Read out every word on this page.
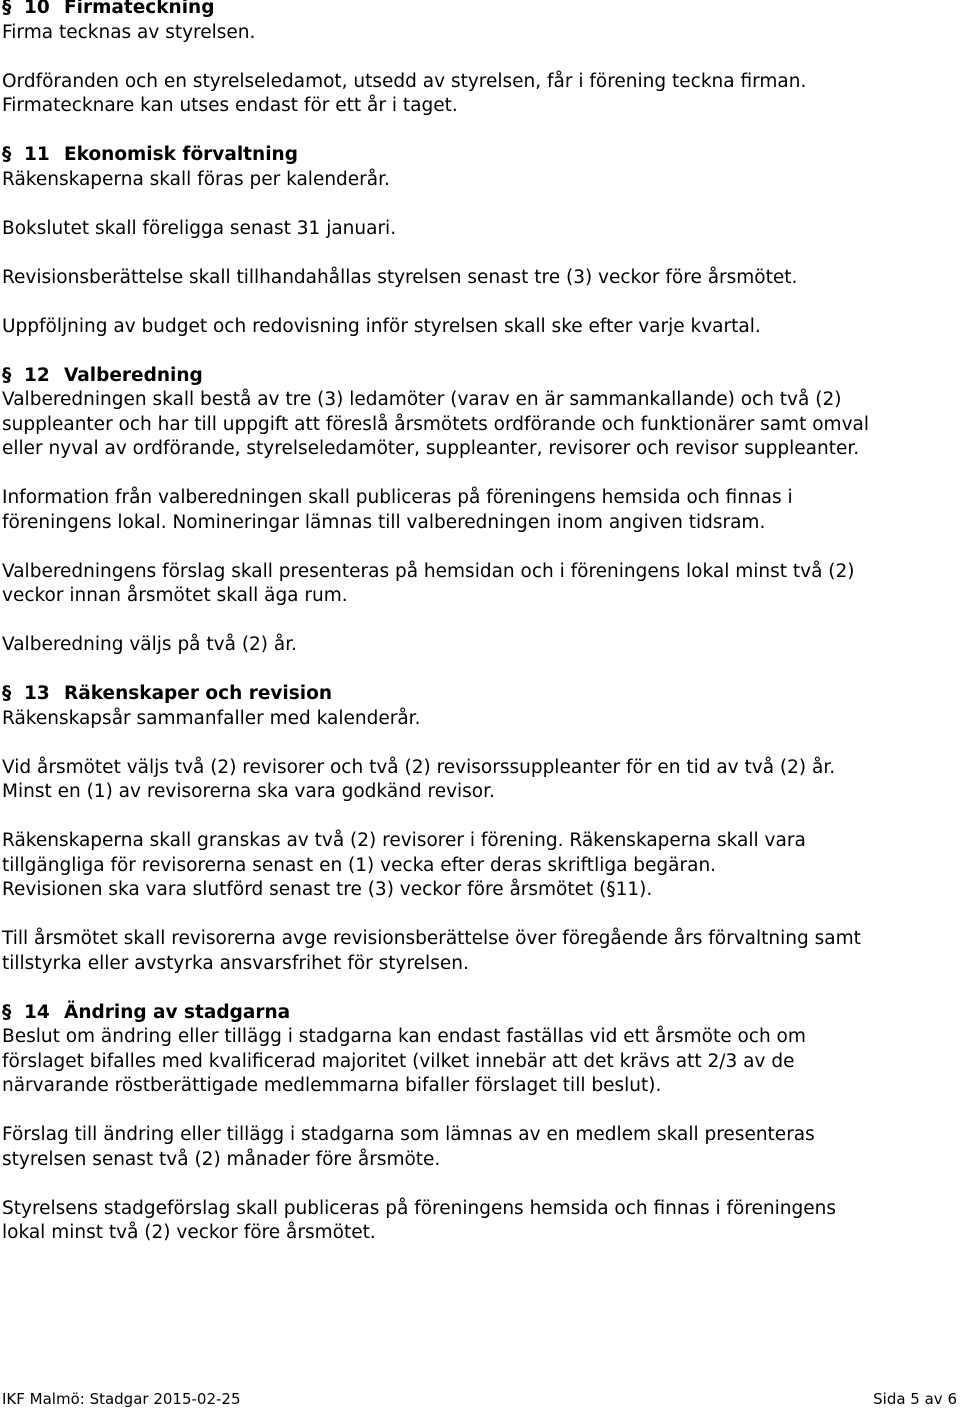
§ 10 Firmateckning

Firma tecknas av styrelsen.

Ordföranden och en styrelseledamot, utsedd av styrelsen, får i förening teckna firman.
Firmatecknare kan utses endast för ett år i taget.

§ 11 Ekonomisk förvaltning

Räkenskaperna skall föras per kalenderår.

Bokslutet skall föreligga senast 31 januari.

Revisionsberättelse skall tillhandahållas styrelsen senast tre (3) veckor före årsmötet.

Uppföljning av budget och redovisning inför styrelsen skall ske efter varje kvartal.

§ 12 Valberedning

Valberedningen skall bestå av tre (3) ledamöter (varav en är sammankallande) och två (2)
suppleanter och har till uppgift att föreslå årsmötets ordförande och funktionärer samt omval
eller nyval av ordförande, styrelseledamöter, suppleanter, revisorer och revisor suppleanter.

Information från valberedningen skall publiceras på föreningens hemsida och finnas i
föreningens lokal. Nomineringar lämnas till valberedningen inom angiven tidsram.

Valberedningens förslag skall presenteras på hemsidan och i föreningens lokal minst två (2)
veckor innan årsmötet skall äga rum.

Valberedning väljs på två (2) år.

§ 13 Räkenskaper och revision

Räkenskapsår sammanfaller med kalenderår.

Vid årsmötet väljs två (2) revisorer och två (2) revisorssuppleanter för en tid av två (2) år.
Minst en (1) av revisorerna ska vara godkänd revisor.

Räkenskaperna skall granskas av två (2) revisorer i förening. Räkenskaperna skall vara
tillgängliga för revisorerna senast en (1) vecka efter deras skriftliga begäran.
Revisionen ska vara slutförd senast tre (3) veckor före årsmötet (§11).

Till årsmötet skall revisorerna avge revisionsberättelse över föregående års förvaltning samt
tillstyrka eller avstyrka ansvarsfrihet för styrelsen.

§ 14 Ändring av stadgarna

Beslut om ändring eller tillägg i stadgarna kan endast faställas vid ett årsmöte och om
förslaget bifalles med kvalificerad majoritet (vilket innebär att det krävs att 2/3 av de
närvarande röstberättigade medlemmarna bifaller förslaget till beslut).

Förslag till ändring eller tillägg i stadgarna som lämnas av en medlem skall presenteras
styrelsen senast två (2) månader före årsmöte.

Styrelsens stadgeförslag skall publiceras på föreningens hemsida och finnas i föreningens
lokal minst två (2) veckor före årsmötet.

IKF Malmö: Stadgar 2015-02-25	Sida 5 av 6
